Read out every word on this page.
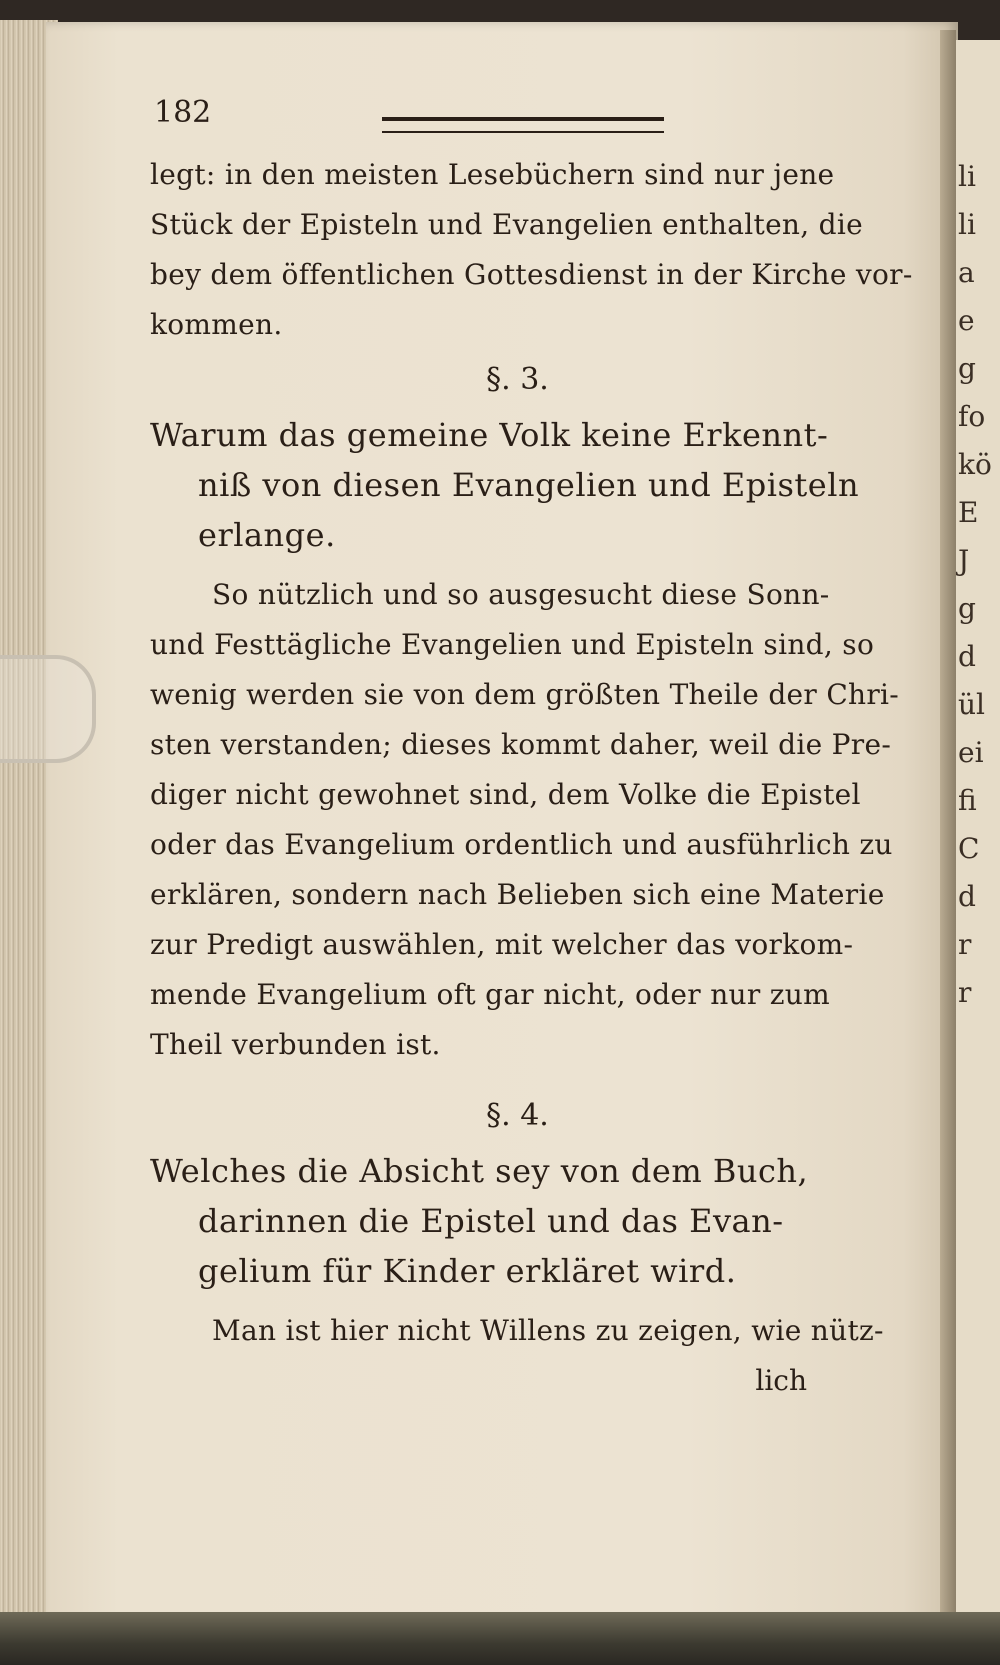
li
li
a
e
g
fo
kö
E
J
g
d
ül
ei
fi
C
d
r
r
182
legt: in den meisten Lesebüchern sind nur jene
Stück der Episteln und Evangelien enthalten, die
bey dem öffentlichen Gottesdienst in der Kirche vor-
kommen.
§. 3.
Warum das gemeine Volk keine Erkennt-
niß von diesen Evangelien und Episteln
erlange.
So nützlich und so ausgesucht diese Sonn-
und Festtägliche Evangelien und Episteln sind, so
wenig werden sie von dem größten Theile der Chri-
sten verstanden; dieses kommt daher, weil die Pre-
diger nicht gewohnet sind, dem Volke die Epistel
oder das Evangelium ordentlich und ausführlich zu
erklären, sondern nach Belieben sich eine Materie
zur Predigt auswählen, mit welcher das vorkom-
mende Evangelium oft gar nicht, oder nur zum
Theil verbunden ist.
§. 4.
Welches die Absicht sey von dem Buch,
darinnen die Epistel und das Evan-
gelium für Kinder erkläret wird.
Man ist hier nicht Willens zu zeigen, wie nütz-
lich
